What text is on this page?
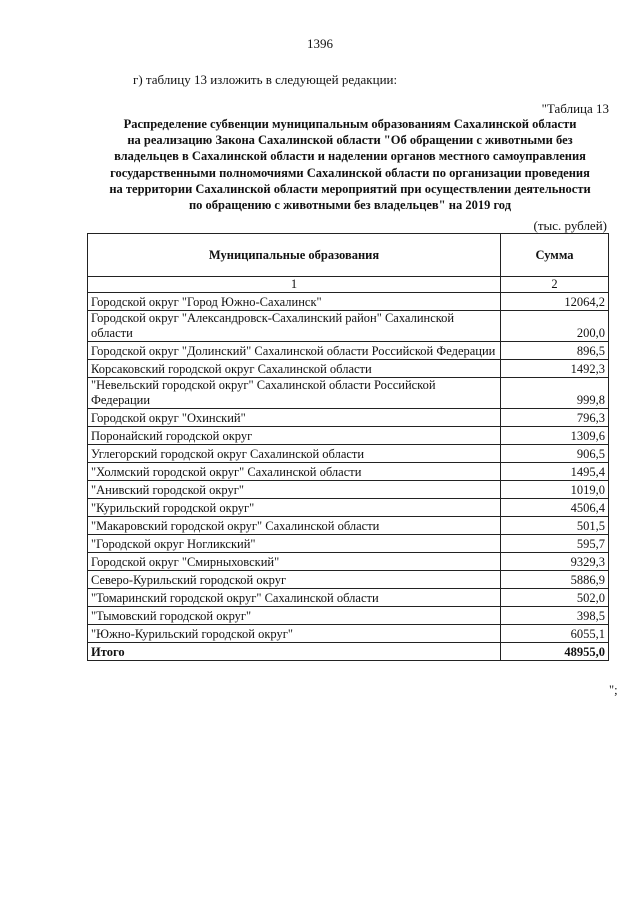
1396
г) таблицу 13 изложить в следующей редакции:
"Таблица 13
Распределение субвенции муниципальным образованиям Сахалинской области
на реализацию Закона Сахалинской области "Об обращении с животными без
владельцев в Сахалинской области и наделении органов местного самоуправления
государственными полномочиями Сахалинской области по организации проведения
на территории Сахалинской области мероприятий при осуществлении деятельности
по обращению с животными без владельцев" на 2019 год
(тыс. рублей)
Муниципальные образования	Сумма
1	2
Городской округ "Город Южно-Сахалинск"	12064,2
Городской округ "Александровск-Сахалинский район" Сахалинской области	200,0
Городской округ "Долинский" Сахалинской области Российской Федерации	896,5
Корсаковский городской округ Сахалинской области	1492,3
"Невельский городской округ" Сахалинской области Российской Федерации	999,8
Городской округ "Охинский"	796,3
Поронайский городской округ	1309,6
Углегорский городской округ Сахалинской области	906,5
"Холмский городской округ" Сахалинской области	1495,4
"Анивский городской округ"	1019,0
"Курильский городской округ"	4506,4
"Макаровский городской округ" Сахалинской области	501,5
"Городской округ Ногликский"	595,7
Городской округ "Смирныховский"	9329,3
Северо-Курильский городской округ	5886,9
"Томаринский городской округ" Сахалинской области	502,0
"Тымовский городской округ"	398,5
"Южно-Курильский городской округ"	6055,1
Итого	48955,0
";
